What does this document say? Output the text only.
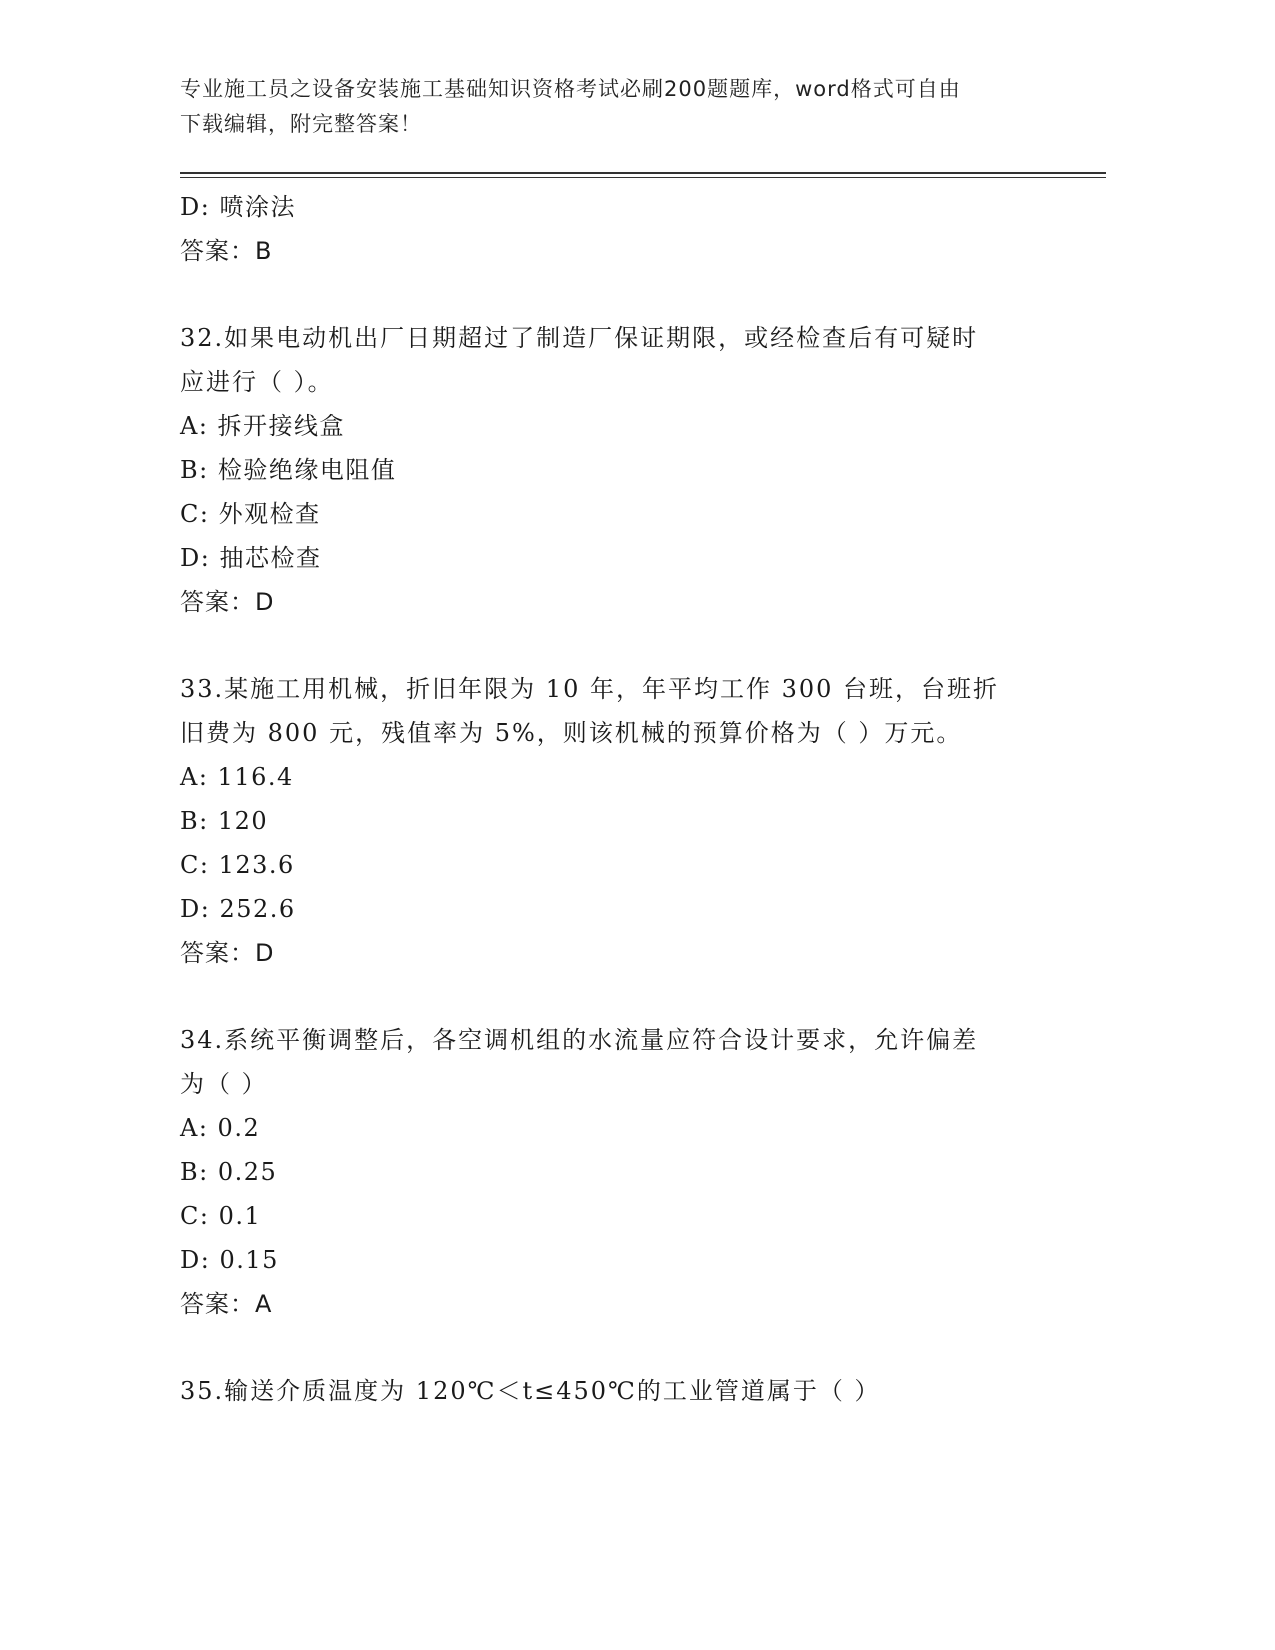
专业施工员之设备安装施工基础知识资格考试必刷200题题库，word格式可自由
下载编辑，附完整答案！

D: 喷涂法

答案：B

32.如果电动机出厂日期超过了制造厂保证期限，或经检查后有可疑时

应进行（ ）。

A: 拆开接线盒

B: 检验绝缘电阻值

C: 外观检查

D: 抽芯检查

答案：D

33.某施工用机械，折旧年限为 10 年，年平均工作 300 台班，台班折

旧费为 800 元，残值率为 5%，则该机械的预算价格为（ ）万元。

A: 116.4

B: 120

C: 123.6

D: 252.6

答案：D

34.系统平衡调整后，各空调机组的水流量应符合设计要求，允许偏差

为（ ）

A: 0.2

B: 0.25

C: 0.1

D: 0.15

答案：A

35.输送介质温度为 120℃＜t≤450℃的工业管道属于（ ）
